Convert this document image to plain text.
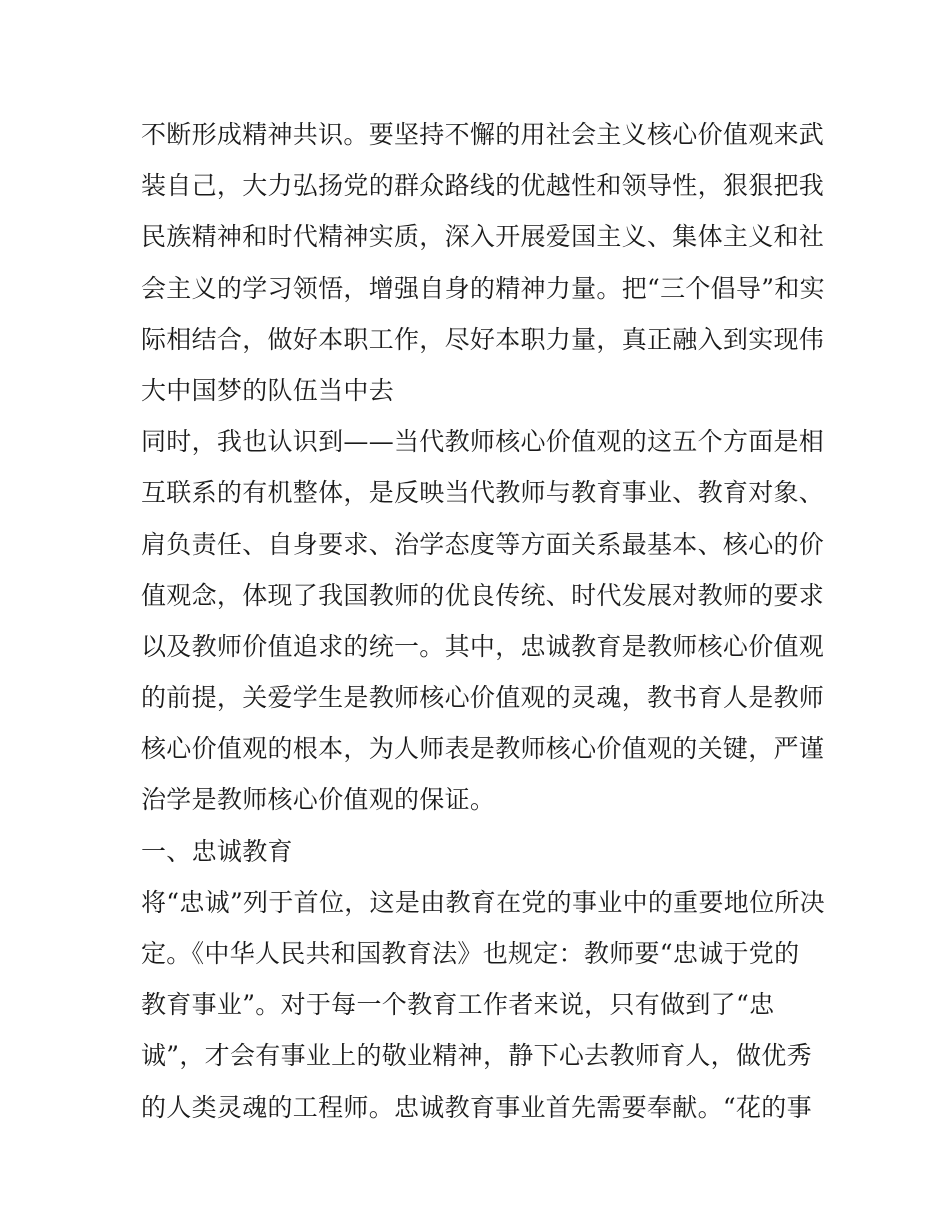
不断形成精神共识。要坚持不懈的用社会主义核心价值观来武
装自己，大力弘扬党的群众路线的优越性和领导性，狠狠把我
民族精神和时代精神实质，深入开展爱国主义、集体主义和社
会主义的学习领悟，增强自身的精神力量。把“三个倡导”和实
际相结合，做好本职工作，尽好本职力量，真正融入到实现伟
大中国梦的队伍当中去
同时，我也认识到——当代教师核心价值观的这五个方面是相
互联系的有机整体，是反映当代教师与教育事业、教育对象、
肩负责任、自身要求、治学态度等方面关系最基本、核心的价
值观念，体现了我国教师的优良传统、时代发展对教师的要求
以及教师价值追求的统一。其中，忠诚教育是教师核心价值观
的前提，关爱学生是教师核心价值观的灵魂，教书育人是教师
核心价值观的根本，为人师表是教师核心价值观的关键，严谨
治学是教师核心价值观的保证。
一、忠诚教育
将“忠诚”列于首位，这是由教育在党的事业中的重要地位所决
定。《中华人民共和国教育法》也规定：教师要“忠诚于党的
教育事业”。对于每一个教育工作者来说，只有做到了“忠
诚”，才会有事业上的敬业精神，静下心去教师育人，做优秀
的人类灵魂的工程师。忠诚教育事业首先需要奉献。“花的事
